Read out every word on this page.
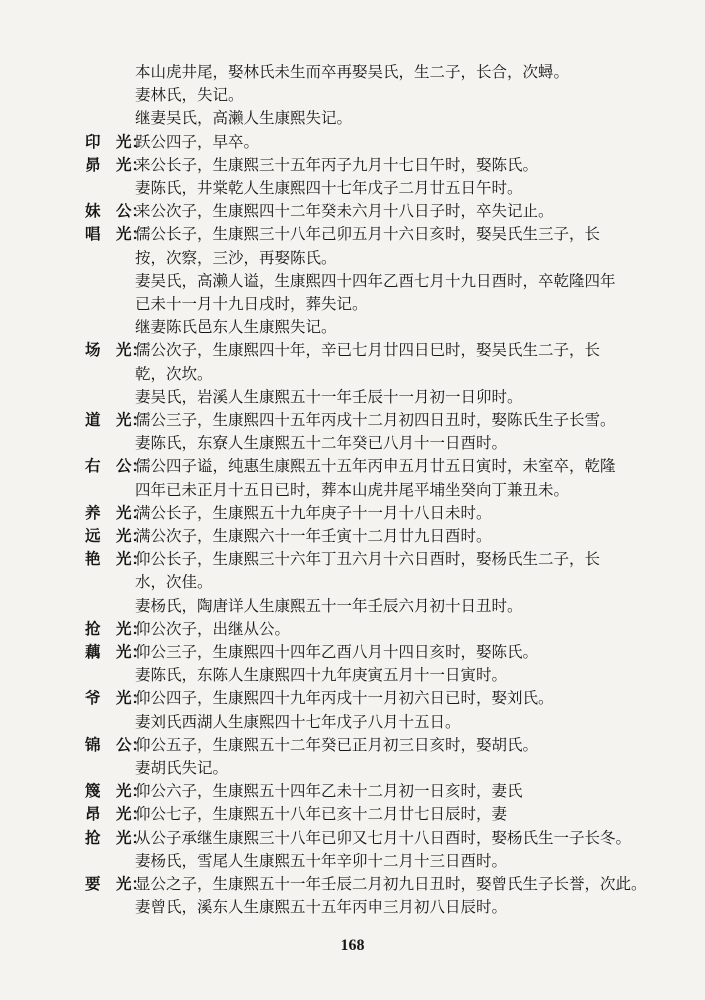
本山虎井尾，娶林氏未生而卒再娶吴氏，生二子，长合，次蟳。
妻林氏，失记。
继妻吴氏，高濑人生康熙失记。
印　光：
跃公四子，早卒。
昴　光：
来公长子，生康熙三十五年丙子九月十七日午时，娶陈氏。
妻陈氏，井棠乾人生康熙四十七年戊子二月廿五日午时。
妹　公：
来公次子，生康熙四十二年癸未六月十八日子时，卒失记止。
唱　光：
儒公长子，生康熙三十八年己卯五月十六日亥时，娶吴氏生三子，长
按，次察，三沙，再娶陈氏。
妻吴氏，高濑人谥，生康熙四十四年乙酉七月十九日酉时，卒乾隆四年
已未十一月十九日戌时，葬失记。
继妻陈氏邑东人生康熙失记。
场　光：
儒公次子，生康熙四十年，辛已七月廿四日巳时，娶吴氏生二子，长
乾，次坎。
妻吴氏，岩溪人生康熙五十一年壬辰十一月初一日卯时。
道　光：
儒公三子，生康熙四十五年丙戌十二月初四日丑时，娶陈氏生子长雪。
妻陈氏，东寮人生康熙五十二年癸已八月十一日酉时。
右　公：
儒公四子谥，纯惠生康熙五十五年丙申五月廿五日寅时，未室卒，乾隆
四年已未正月十五日已时，葬本山虎井尾平埔坐癸向丁兼丑未。
养　光：
满公长子，生康熙五十九年庚子十一月十八日未时。
远　光：
满公次子，生康熙六十一年壬寅十二月廿九日酉时。
艳　光：
仰公长子，生康熙三十六年丁丑六月十六日酉时，娶杨氏生二子，长
水，次佳。
妻杨氏，陶唐详人生康熙五十一年壬辰六月初十日丑时。
抢　光：
仰公次子，出继从公。
藕　光：
仰公三子，生康熙四十四年乙酉八月十四日亥时，娶陈氏。
妻陈氏，东陈人生康熙四十九年庚寅五月十一日寅时。
爷　光：
仰公四子，生康熙四十九年丙戌十一月初六日已时，娶刘氏。
妻刘氏西湖人生康熙四十七年戊子八月十五日。
锦　公：
仰公五子，生康熙五十二年癸已正月初三日亥时，娶胡氏。
妻胡氏失记。
篾　光：
仰公六子，生康熙五十四年乙未十二月初一日亥时，妻氏
昂　光：
仰公七子，生康熙五十八年已亥十二月廿七日辰时，妻
抢　光：
从公子承继生康熙三十八年已卯又七月十八日酉时，娶杨氏生一子长冬。
妻杨氏，雪尾人生康熙五十年辛卯十二月十三日酉时。
要　光：
显公之子，生康熙五十一年壬辰二月初九日丑时，娶曾氏生子长誉，次此。
妻曾氏，溪东人生康熙五十五年丙申三月初八日辰时。
168
